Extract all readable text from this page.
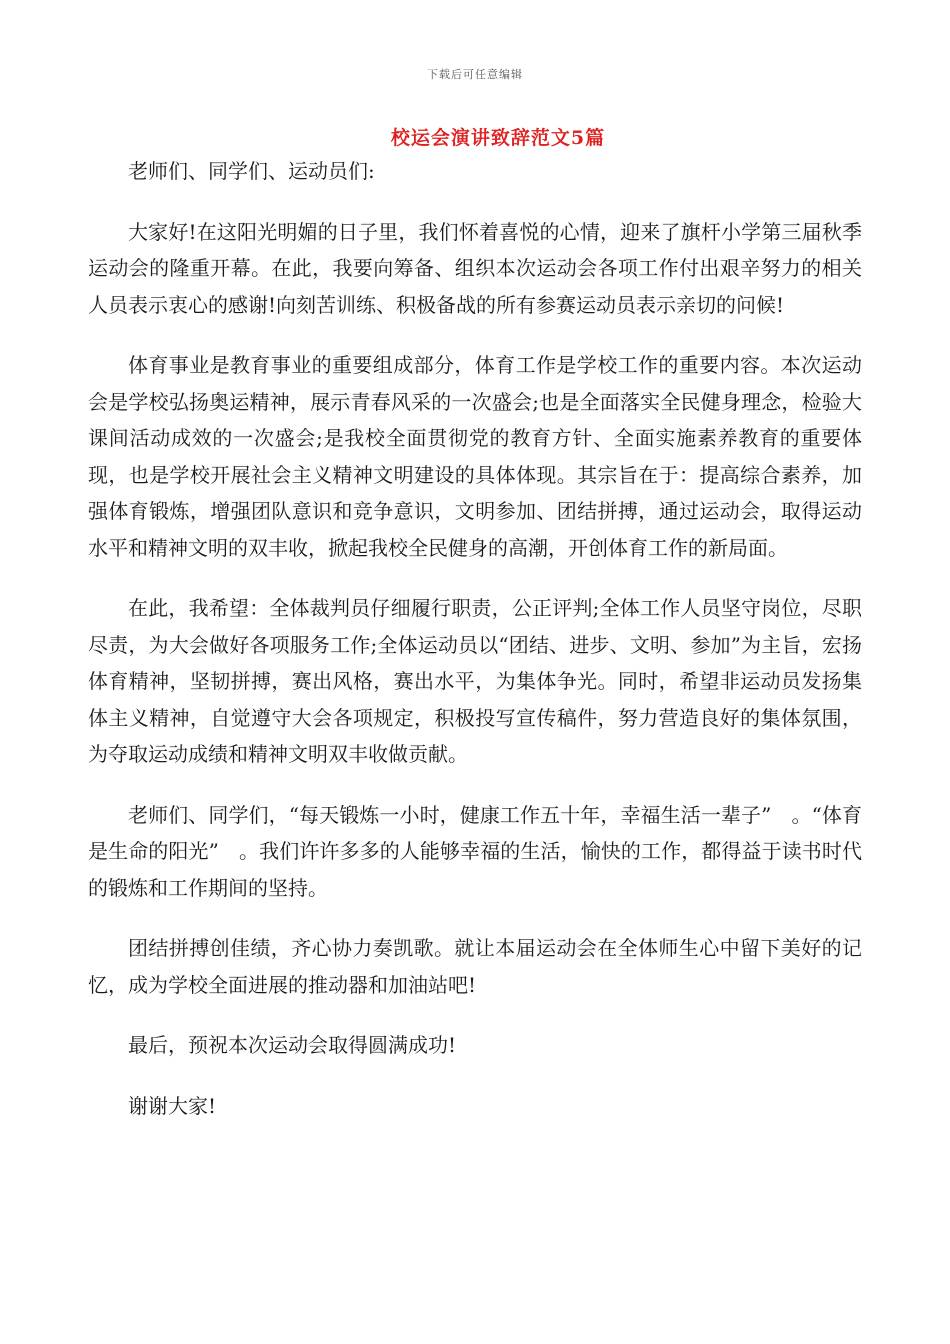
下载后可任意编辑
校运会演讲致辞范文5篇

老师们、同学们、运动员们:

大家好!在这阳光明媚的日子里，我们怀着喜悦的心情，迎来了旗杆小学第三届秋季运动会的隆重开幕。在此，我要向筹备、组织本次运动会各项工作付出艰辛努力的相关人员表示衷心的感谢!向刻苦训练、积极备战的所有参赛运动员表示亲切的问候!

体育事业是教育事业的重要组成部分，体育工作是学校工作的重要内容。本次运动会是学校弘扬奥运精神，展示青春风采的一次盛会;也是全面落实全民健身理念，检验大课间活动成效的一次盛会;是我校全面贯彻党的教育方针、全面实施素养教育的重要体现，也是学校开展社会主义精神文明建设的具体体现。其宗旨在于：提高综合素养，加强体育锻炼，增强团队意识和竞争意识，文明参加、团结拼搏，通过运动会，取得运动水平和精神文明的双丰收，掀起我校全民健身的高潮，开创体育工作的新局面。

在此，我希望：全体裁判员仔细履行职责，公正评判;全体工作人员坚守岗位，尽职尽责，为大会做好各项服务工作;全体运动员以“团结、进步、文明、参加”为主旨，宏扬体育精神，坚韧拼搏，赛出风格，赛出水平，为集体争光。同时，希望非运动员发扬集体主义精神，自觉遵守大会各项规定，积极投写宣传稿件，努力营造良好的集体氛围，为夺取运动成绩和精神文明双丰收做贡献。

老师们、同学们，“每天锻炼一小时，健康工作五十年，幸福生活一辈子”　。“体育是生命的阳光”　。我们许许多多的人能够幸福的生活，愉快的工作，都得益于读书时代的锻炼和工作期间的坚持。

团结拼搏创佳绩，齐心协力奏凯歌。就让本届运动会在全体师生心中留下美好的记忆，成为学校全面进展的推动器和加油站吧!

最后，预祝本次运动会取得圆满成功!

谢谢大家!
